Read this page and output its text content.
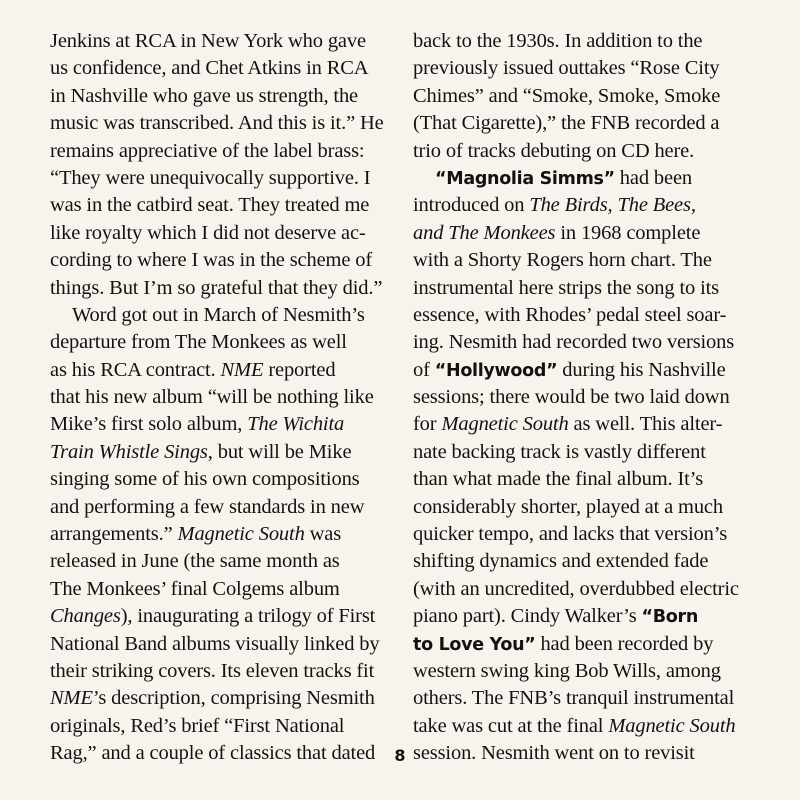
Jenkins at RCA in New York who gave
us confidence, and Chet Atkins in RCA
in Nashville who gave us strength, the
music was transcribed. And this is it.” He
remains appreciative of the label brass:
“They were unequivocally supportive. I
was in the catbird seat. They treated me
like royalty which I did not deserve ac-
cording to where I was in the scheme of
things. But I’m so grateful that they did.”
Word got out in March of Nesmith’s
departure from The Monkees as well
as his RCA contract. NME reported
that his new album “will be nothing like
Mike’s first solo album, The Wichita
Train Whistle Sings, but will be Mike
singing some of his own compositions
and performing a few standards in new
arrangements.” Magnetic South was
released in June (the same month as
The Monkees’ final Colgems album
Changes), inaugurating a trilogy of First
National Band albums visually linked by
their striking covers. Its eleven tracks fit
NME’s description, comprising Nesmith
originals, Red’s brief “First National
Rag,” and a couple of classics that dated
back to the 1930s. In addition to the
previously issued outtakes “Rose City
Chimes” and “Smoke, Smoke, Smoke
(That Cigarette),” the FNB recorded a
trio of tracks debuting on CD here.
“Magnolia Simms” had been
introduced on The Birds, The Bees,
and The Monkees in 1968 complete
with a Shorty Rogers horn chart. The
instrumental here strips the song to its
essence, with Rhodes’ pedal steel soar-
ing. Nesmith had recorded two versions
of “Hollywood” during his Nashville
sessions; there would be two laid down
for Magnetic South as well. This alter-
nate backing track is vastly different
than what made the final album. It’s
considerably shorter, played at a much
quicker tempo, and lacks that version’s
shifting dynamics and extended fade
(with an uncredited, overdubbed electric
piano part). Cindy Walker’s “Born
to Love You” had been recorded by
western swing king Bob Wills, among
others. The FNB’s tranquil instrumental
take was cut at the final Magnetic South
session. Nesmith went on to revisit
8
